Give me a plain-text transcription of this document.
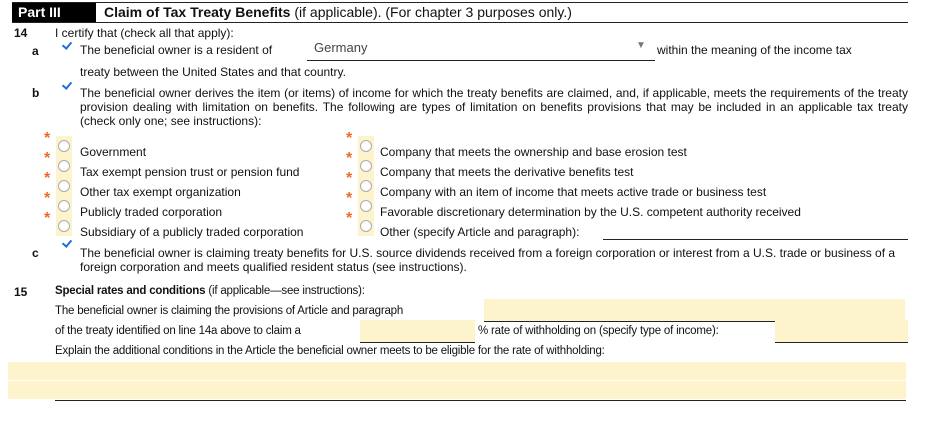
Part III	Claim of Tax Treaty Benefits (if applicable). (For chapter 3 purposes only.)
14 I certify that (check all that apply):
a	The beneficial owner is a resident of	Germany	▼ within the meaning of the income tax
treaty between the United States and that country.
b	The beneficial owner derives the item (or items) of income for which the treaty benefits are claimed, and, if applicable, meets the requirements of the treaty provision dealing with limitation on benefits. The following are types of limitation on benefits provisions that may be included in an applicable tax treaty (check only one; see instructions):
*
Government
*
Tax exempt pension trust or pension fund
*
Other tax exempt organization
*
Publicly traded corporation
*
Subsidiary of a publicly traded corporation
*
Company that meets the ownership and base erosion test
*
Company that meets the derivative benefits test
*
Company with an item of income that meets active trade or business test
*
Favorable discretionary determination by the U.S. competent authority received
*
Other (specify Article and paragraph):
c	The beneficial owner is claiming treaty benefits for U.S. source dividends received from a foreign corporation or interest from a U.S. trade or business of a foreign corporation and meets qualified resident status (see instructions).
15 Special rates and conditions (if applicable—see instructions):
The beneficial owner is claiming the provisions of Article and paragraph
of the treaty identified on line 14a above to claim a	% rate of withholding on (specify type of income):
Explain the additional conditions in the Article the beneficial owner meets to be eligible for the rate of withholding:
